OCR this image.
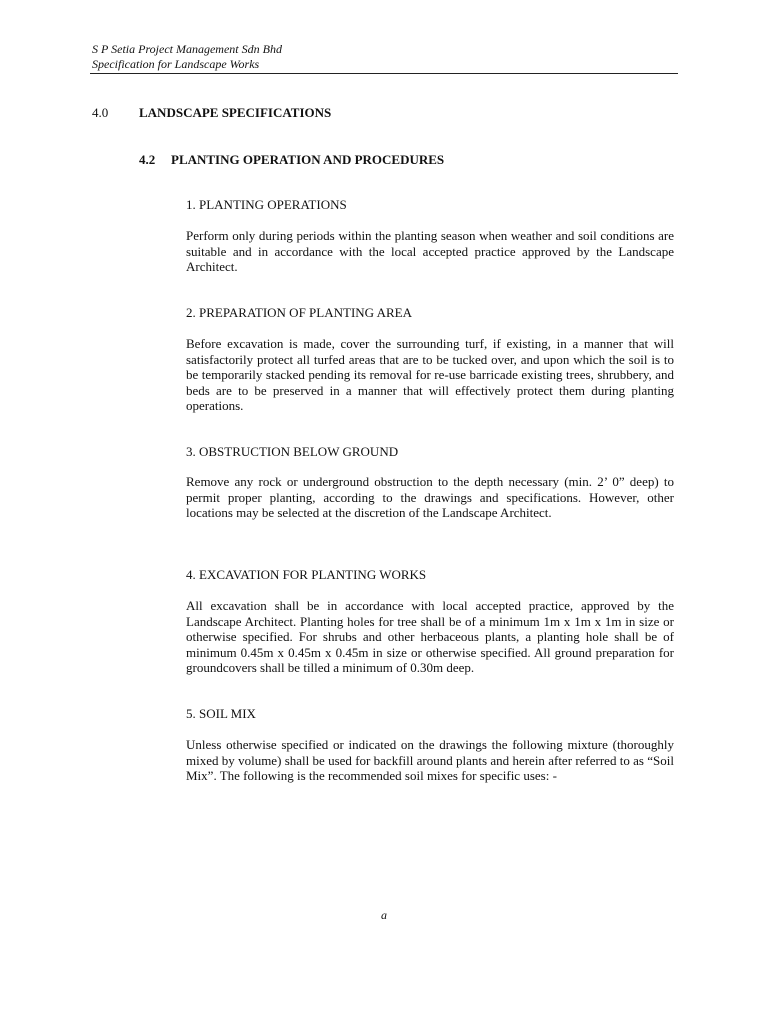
S P Setia Project Management Sdn Bhd
Specification for Landscape Works
4.0 LANDSCAPE SPECIFICATIONS
4.2 PLANTING OPERATION AND PROCEDURES
1. PLANTING OPERATIONS
Perform only during periods within the planting season when weather and soil conditions are suitable and in accordance with the local accepted practice approved by the Landscape Architect.
2. PREPARATION OF PLANTING AREA
Before excavation is made, cover the surrounding turf, if existing, in a manner that will satisfactorily protect all turfed areas that are to be tucked over, and upon which the soil is to be temporarily stacked pending its removal for re-use barricade existing trees, shrubbery, and beds are to be preserved in a manner that will effectively protect them during planting operations.
3. OBSTRUCTION BELOW GROUND
Remove any rock or underground obstruction to the depth necessary (min. 2’ 0” deep) to permit proper planting, according to the drawings and specifications. However, other locations may be selected at the discretion of the Landscape Architect.
4. EXCAVATION FOR PLANTING WORKS
All excavation shall be in accordance with local accepted practice, approved by the Landscape Architect. Planting holes for tree shall be of a minimum 1m x 1m x 1m in size or otherwise specified. For shrubs and other herbaceous plants, a planting hole shall be of minimum 0.45m x 0.45m x 0.45m in size or otherwise specified. All ground preparation for groundcovers shall be tilled a minimum of 0.30m deep.
5. SOIL MIX
Unless otherwise specified or indicated on the drawings the following mixture (thoroughly mixed by volume) shall be used for backfill around plants and herein after referred to as “Soil Mix”. The following is the recommended soil mixes for specific uses: -
a
